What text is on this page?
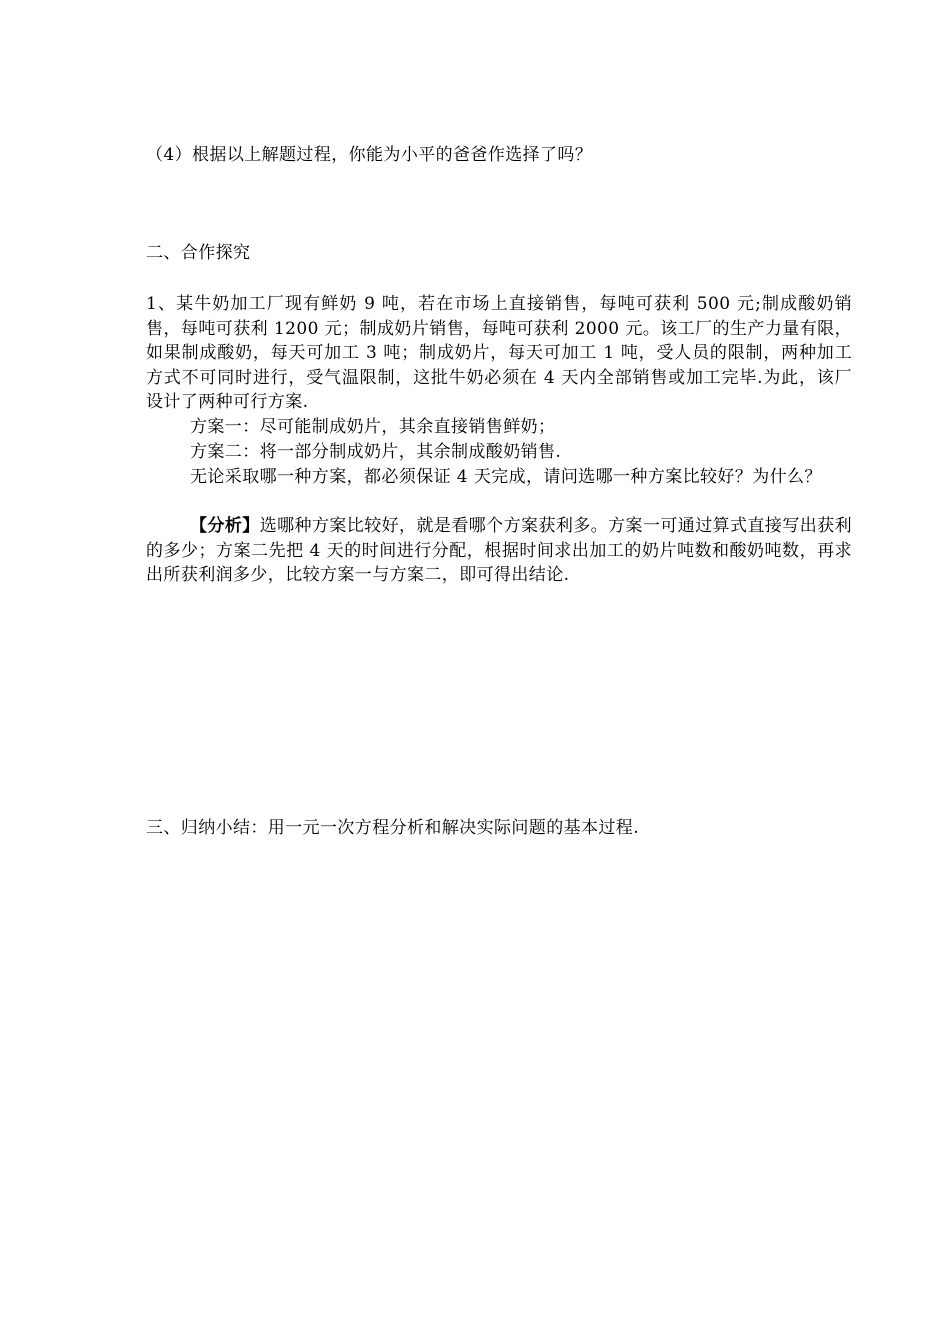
（4）根据以上解题过程，你能为小平的爸爸作选择了吗？
二、合作探究
1、某牛奶加工厂现有鲜奶 9 吨，若在市场上直接销售，每吨可获利 500 元;制成酸奶销售，每吨可获利 1200 元；制成奶片销售，每吨可获利 2000 元。该工厂的生产力量有限，如果制成酸奶，每天可加工 3 吨；制成奶片，每天可加工 1 吨，受人员的限制，两种加工方式不可同时进行，受气温限制，这批牛奶必须在 4 天内全部销售或加工完毕.为此，该厂设计了两种可行方案.
方案一：尽可能制成奶片，其余直接销售鲜奶；
方案二：将一部分制成奶片，其余制成酸奶销售.
无论采取哪一种方案，都必须保证 4 天完成，请问选哪一种方案比较好？为什么？
【分析】选哪种方案比较好，就是看哪个方案获利多。方案一可通过算式直接写出获利的多少；方案二先把 4 天的时间进行分配，根据时间求出加工的奶片吨数和酸奶吨数，再求出所获利润多少，比较方案一与方案二，即可得出结论.
三、归纳小结：用一元一次方程分析和解决实际问题的基本过程.
